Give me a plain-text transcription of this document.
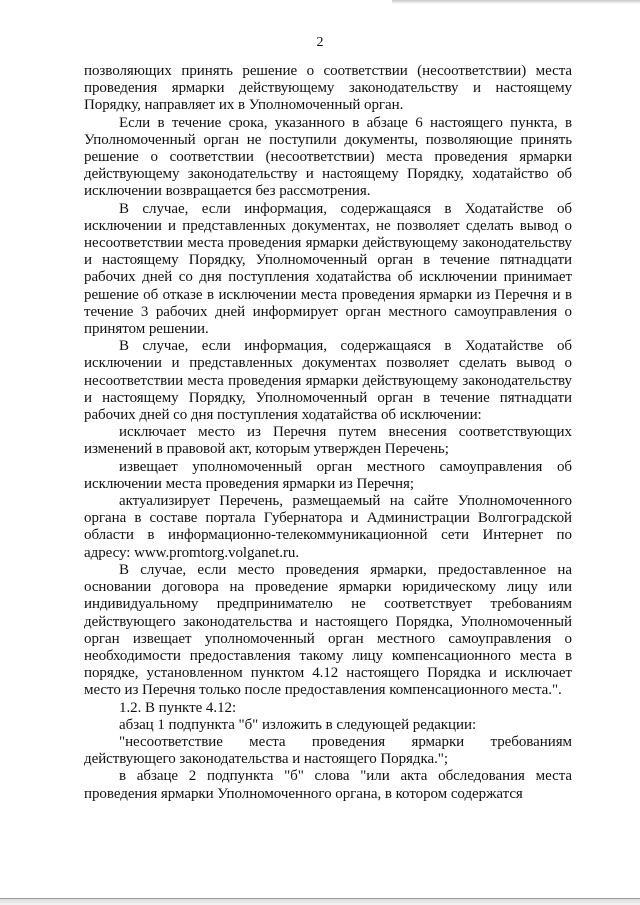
2

позволяющих принять решение о соответствии (несоответствии) места проведения ярмарки действующему законодательству и настоящему Порядку, направляет их в Уполномоченный орган.

Если в течение срока, указанного в абзаце 6 настоящего пункта, в Уполномоченный орган не поступили документы, позволяющие принять решение о соответствии (несоответствии) места проведения ярмарки действующему законодательству и настоящему Порядку, ходатайство об исключении возвращается без рассмотрения.

В случае, если информация, содержащаяся в Ходатайстве об исключении и представленных документах, не позволяет сделать вывод о несоответствии места проведения ярмарки действующему законодательству и настоящему Порядку, Уполномоченный орган в течение пятнадцати рабочих дней со дня поступления ходатайства об исключении принимает решение об отказе в исключении места проведения ярмарки из Перечня и в течение 3 рабочих дней информирует орган местного самоуправления о принятом решении.

В случае, если информация, содержащаяся в Ходатайстве об исключении и представленных документах позволяет сделать вывод о несоответствии места проведения ярмарки действующему законодательству и настоящему Порядку, Уполномоченный орган в течение пятнадцати рабочих дней со дня поступления ходатайства об исключении:

исключает место из Перечня путем внесения соответствующих изменений в правовой акт, которым утвержден Перечень;

извещает уполномоченный орган местного самоуправления об исключении места проведения ярмарки из Перечня;

актуализирует Перечень, размещаемый на сайте Уполномоченного органа в составе портала Губернатора и Администрации Волгоградской области в информационно-телекоммуникационной сети Интернет по адресу: www.promtorg.volganet.ru.

В случае, если место проведения ярмарки, предоставленное на основании договора на проведение ярмарки юридическому лицу или индивидуальному предпринимателю не соответствует требованиям действующего законодательства и настоящего Порядка, Уполномоченный орган извещает уполномоченный орган местного самоуправления о необходимости предоставления такому лицу компенсационного места в порядке, установленном пунктом 4.12 настоящего Порядка и исключает место из Перечня только после предоставления компенсационного места.".

1.2. В пункте 4.12:

абзац 1 подпункта "б" изложить в следующей редакции:

"несоответствие места проведения ярмарки требованиям действующего законодательства и настоящего Порядка.";

в абзаце 2 подпункта "б" слова "или акта обследования места проведения ярмарки Уполномоченного органа, в котором содержатся
